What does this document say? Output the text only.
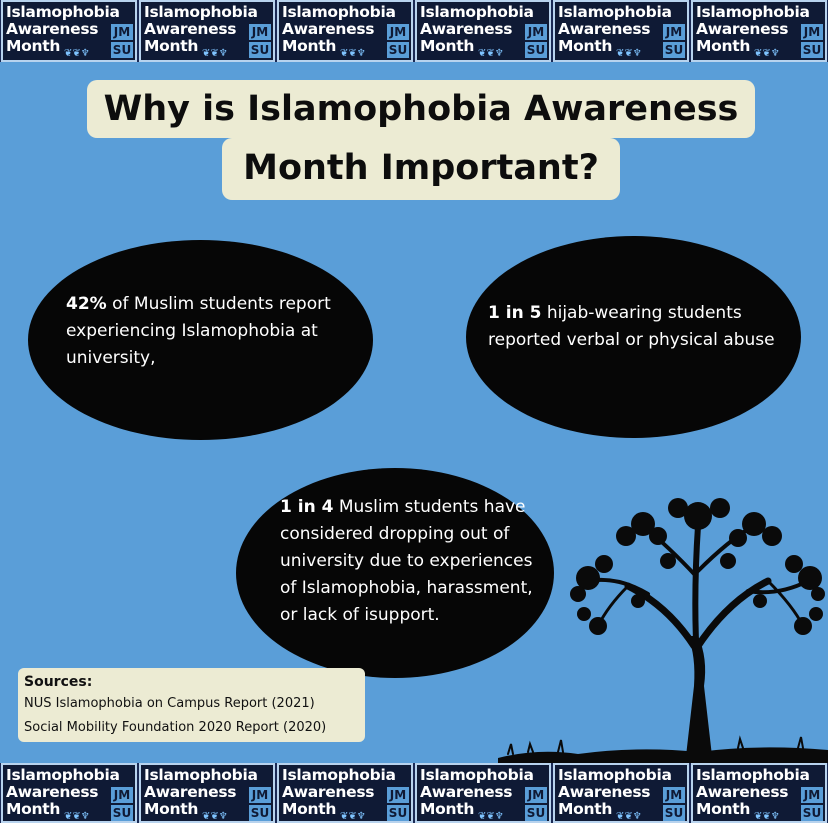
Islamophobia
Awareness
Month ❦❦♆
JM
SU
Islamophobia
Awareness
Month ❦❦♆
JM
SU
Islamophobia
Awareness
Month ❦❦♆
JM
SU
Islamophobia
Awareness
Month ❦❦♆
JM
SU
Islamophobia
Awareness
Month ❦❦♆
JM
SU
Islamophobia
Awareness
Month ❦❦♆
JM
SU
Why is Islamophobia Awareness
Month Important?
42% of Muslim students report experiencing Islamophobia at university,
1 in 5 hijab-wearing students reported verbal or physical abuse
1 in 4 Muslim students have considered dropping out of university due to experiences of Islamophobia, harassment, or lack of isupport.
Sources:
NUS Islamophobia on Campus Report (2021)
Social Mobility Foundation 2020 Report (2020)
Islamophobia
Awareness
Month ❦❦♆
JM
SU
Islamophobia
Awareness
Month ❦❦♆
JM
SU
Islamophobia
Awareness
Month ❦❦♆
JM
SU
Islamophobia
Awareness
Month ❦❦♆
JM
SU
Islamophobia
Awareness
Month ❦❦♆
JM
SU
Islamophobia
Awareness
Month ❦❦♆
JM
SU
